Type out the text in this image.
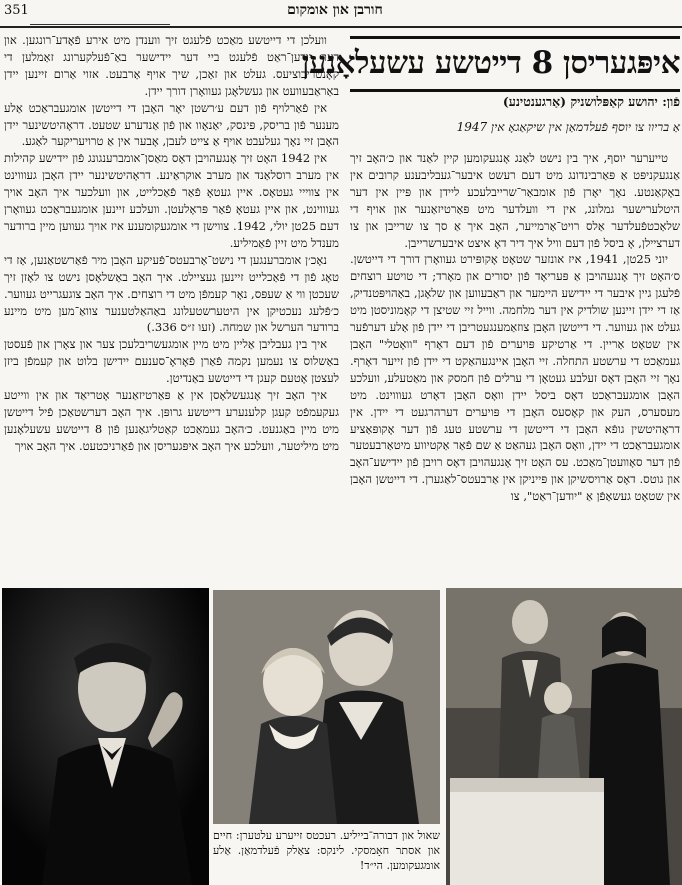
351	חורבן און אומקום
איפּגעריסן 8 דייטשע עשעלאָנען
פֿון: יהושע קאַפּלושניק (אַרגענטינע)
אַ בריוו צו יוסף פֿעלדמאַן אין שיקאַגאָ אין 1947

טייערער יוסף, איך בין נישט לאַנג אָנגעקומען קיין לאַנד און כ׳האָב זיך אַנגעקניפּט אַ פּאַרבינדונג מיט דעם רעשט איבער־געבליבענע קרובים אין באָקאַנטע. נאָך יאָרן פֿון אומבאַר־שרייבלעכע ליידן און פּיין אין דער היטלערישער גמלונג, אין די וועלדער מיט פּאַרטיזאַנער און אויף די שלאַכטפֿעלדער אַלס רויט־אַרמייער, האָב איך אַ סך צו שרייבן און צו דערציילן, אָ ביסל פֿון דעם וויל איך דיר דאָ איצט איבערשרייבן.

יוני 25טן, 1941, איז אונזער שטאָט אָקופּירט געוואָרן דורך די דייטשן. ס׳האָט זיך אָנגעהויבן אַ פּעריאָד פֿון יסורים און מאָרד; די טויטע רוצחים פֿלעגן גיין איבער די יידישע היימער און ראַבעווען און שלאָגן, באַהויפּטנדיק, אַז די יידן זיינען שולדיק אין דער מלחמה. ווייל זיי שטיצן די קאָמוניסטן מיט געלט און געווער. די דייטשן האָבן צוזאַמענגעטריבן די יידן פֿון אַלע דערפֿער אין שטאָט אַריין. די אַרטיקע פּויערים פֿון דעם דאָרף "וואָטלי" האָבן געמאַכט די ערשטע התחלה. זיי האָבן איינגעהאַקט די יידן פֿון זייער דאָרף. נאָך זיי האָבן דאָס זעלבע געטאָן די ערלים פֿון חמסק און מאַטעלע, וועלכע האָבן אומגעבראַכט דאָס ביסל יידן וואָס האָבן דאָרט געוווינט. מיט מעסערס, העק און קאָסעס האָבן די פּויערים דערהרגעט די יידן. אין דראָהיטשין גופֿא האָבן די דייטשן די ערשטע טעג פֿון דער אָקופּאַציע אומגעבראַכט די יידן, וואָס האָבן געהאַט אַ שם פֿאַר אַקטיווע מיטאַרבעטער פֿון דער סאָוועטן־מאַכט. עס האָט זיך אָנגעהויבן דאָס רויבן פֿון יידישע־האָב און גוטס. דאָס אַרויסשיקן און פּייניקן אין אַרבעטס־לאַגערן. די דייטשן האָבן אין שטאָט געשאַפֿן אַ "יודען־ראַט", צו

וועלכן די דייטשע מאַכט פֿלעגט זיך ווענדן מיט אירע פֿאָדע־רונגען. און דער יודען־ראַט פֿלעגט ביי דער יידישער באַ־פֿעלקערונג זאַמלען די קאָנטריבוציעס. געלט און זאַכן, שיך אויף אַרבעט. אזוי אַרום זיינען יידן באַראַבעוועט און געשלאָגן געוואָרן דורך יידן.

אין פֿאַרלויף פֿון דעם ע׳רשטן יאָר האָבן די דייטשן אומגעבראַכט אַלע מענער פֿון בריסק, פּינסק, יאַנאָוו און פֿון אַנדערע שטעט. דראָהיטשינער יידן האָבן זיי נאָך געלעבט אויף אַ צייט לעבן, אָבער אין אַ טרויעריקער לאַגע.

אין 1942 האָט זיך אָנגעהויבן דאָס מאַסן־אומברענגונג פֿון יידישע קהילות אין מערב רוסלאַנד און מערב אוקראַינע. דראָהיטשינער יידן האָבן געוווינט אין צווייי געטאָס. איין געטאָ פֿאַר פֿאַכלייט, און וועלכער איך האָב אויך געוווינט, און איין געטאָ פֿאַר פּראָלעטן. וועלכע זיינען אומגעבראַכט געוואָרן דעם 25טן יולי, 1942. צווישן די אומגעקומענע איז אויך געווען מיין ברודער מענדל מיט זיין פֿאַמיליע.

נאָכ׳ן אומברענגען די נישט־אַרבעטס־פֿעיקע האָבן מיר פֿאַרשטאַנען, אַז די טאָג פֿון די פֿאַכלייט זיינען געציילט. איך האָב באַשלאָסן נישט צו לאָזן זיך שעכטן ווי אַ שעפּס, נאָר קעמפֿן מיט די רוצחים. איך האָב צוגעגרייט געווער. כ׳פֿלעג נעכטיקן אין היטערשטעלונג באַהאַלטענער צוואַ־מען מיט מיינע ברודער הערשל און שמחה. (זעו ז״ס 336.)

איך בין געבליבן אַליין מיט מיין אומגעשריבלעכן צער און צאָרן און פֿעסטן באַשלוס צו נעמען נקמה פֿאַרן פֿאָראָ־סענעם יידישן בלוט און קעמפֿן ביזן לעצטן אָטעם קעגן די דייטשע באַנדיטן.

איך האָב זיך אָנגעשלאָסן אין אַ פּאַרטיזאַנער אָטריאַד און אין ווייטע געקעמפֿט קעגן קלענערע דייטשע גרופּן. איך האָב דערשטאַכן פֿיל דייטשן מיט מיין באַגנעט. כ׳האָב געמאַכט קאַטליגאַנען פֿון 8 דייטשע עשעלאָנען מיט מיליטער, וועלכע איך האָב איפּגעריסן און פֿאַרניכטעט. איך האָב אויך

שאול און דבורה־בייליע. רעכטס זייערע עלטערן: חיים און אסתר חאָמסקי. לינקס: צאַלק פֿעלדמאַן. אַלע אומגעקומען. הי״ד!
